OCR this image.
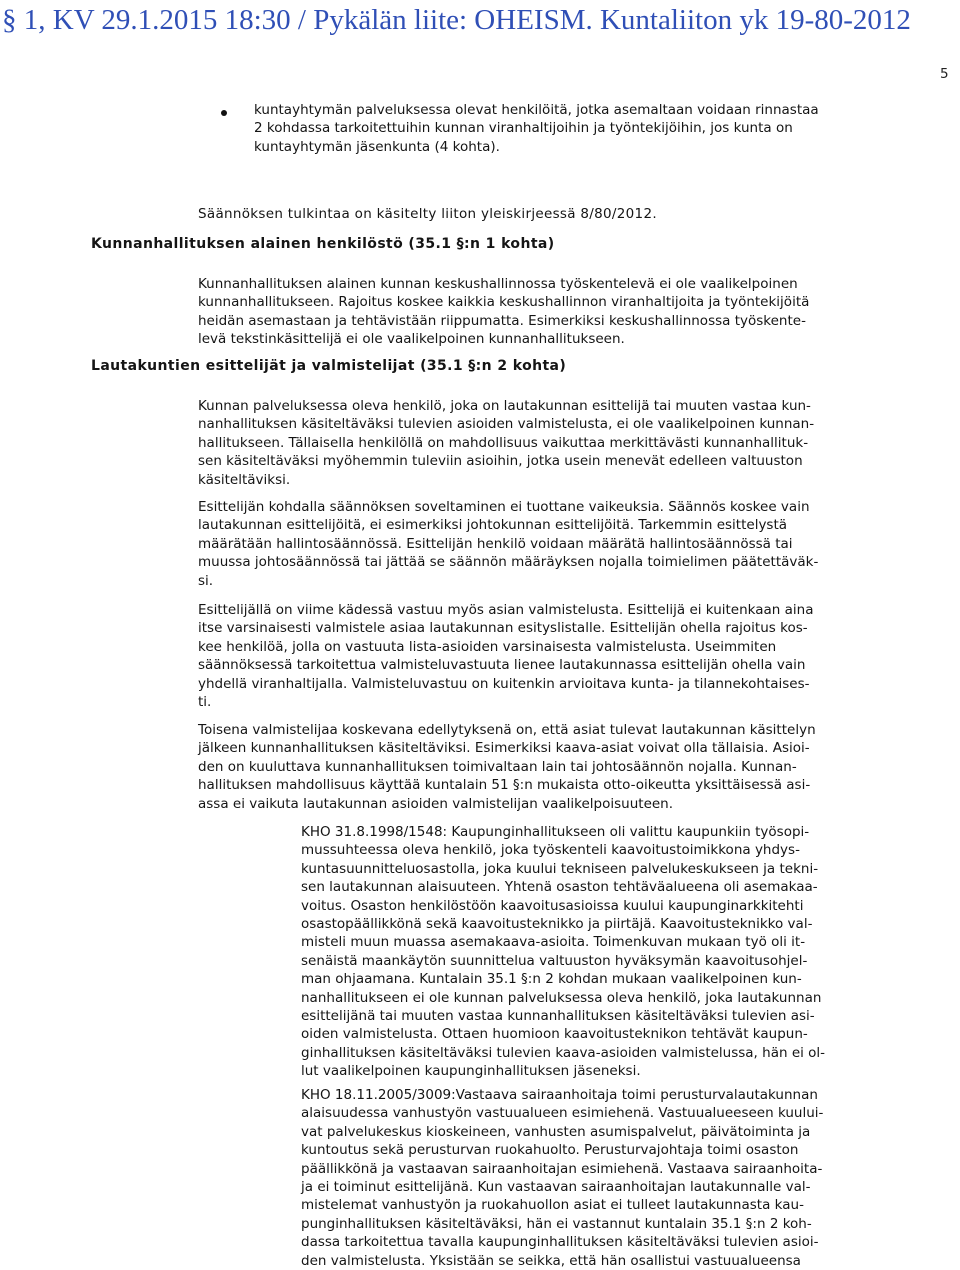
§ 1, KV 29.1.2015 18:30 / Pykälän liite: OHEISM. Kuntaliiton yk 19-80-2012
5

kuntayhtymän palveluksessa olevat henkilöitä, jotka asemaltaan voidaan rinnastaa
2 kohdassa tarkoitettuihin kunnan viranhaltijoihin ja työntekijöihin, jos kunta on
kuntayhtymän jäsenkunta (4 kohta).

Säännöksen tulkintaa on käsitelty liiton yleiskirjeessä 8/80/2012.

Kunnanhallituksen alainen henkilöstö (35.1 §:n 1 kohta)

Kunnanhallituksen alainen kunnan keskushallinnossa työskentelevä ei ole vaalikelpoinen
kunnanhallitukseen. Rajoitus koskee kaikkia keskushallinnon viranhaltijoita ja työntekijöitä
heidän asemastaan ja tehtävistään riippumatta. Esimerkiksi keskushallinnossa työskente-
levä tekstinkäsittelijä ei ole vaalikelpoinen kunnanhallitukseen.

Lautakuntien esittelijät ja valmistelijat (35.1 §:n 2 kohta)

Kunnan palveluksessa oleva henkilö, joka on lautakunnan esittelijä tai muuten vastaa kun-
nanhallituksen käsiteltäväksi tulevien asioiden valmistelusta, ei ole vaalikelpoinen kunnan-
hallitukseen. Tällaisella henkilöllä on mahdollisuus vaikuttaa merkittävästi kunnanhallituk-
sen käsiteltäväksi myöhemmin tuleviin asioihin, jotka usein menevät edelleen valtuuston
käsiteltäviksi.

Esittelijän kohdalla säännöksen soveltaminen ei tuottane vaikeuksia. Säännös koskee vain
lautakunnan esittelijöitä, ei esimerkiksi johtokunnan esittelijöitä. Tarkemmin esittelystä
määrätään hallintosäännössä. Esittelijän henkilö voidaan määrätä hallintosäännössä tai
muussa johtosäännössä tai jättää se säännön määräyksen nojalla toimielimen päätettäväk-
si.

Esittelijällä on viime kädessä vastuu myös asian valmistelusta. Esittelijä ei kuitenkaan aina
itse varsinaisesti valmistele asiaa lautakunnan esityslistalle. Esittelijän ohella rajoitus kos-
kee henkilöä, jolla on vastuuta lista-asioiden varsinaisesta valmistelusta. Useimmiten
säännöksessä tarkoitettua valmisteluvastuuta lienee lautakunnassa esittelijän ohella vain
yhdellä viranhaltijalla. Valmisteluvastuu on kuitenkin arvioitava kunta- ja tilannekohtaises-
ti.

Toisena valmistelijaa koskevana edellytyksenä on, että asiat tulevat lautakunnan käsittelyn
jälkeen kunnanhallituksen käsiteltäviksi. Esimerkiksi kaava-asiat voivat olla tällaisia. Asioi-
den on kuuluttava kunnanhallituksen toimivaltaan lain tai johtosäännön nojalla. Kunnan-
hallituksen mahdollisuus käyttää kuntalain 51 §:n mukaista otto-oikeutta yksittäisessä asi-
assa ei vaikuta lautakunnan asioiden valmistelijan vaalikelpoisuuteen.

KHO 31.8.1998/1548: Kaupunginhallitukseen oli valittu kaupunkiin työsopi-
mussuhteessa oleva henkilö, joka työskenteli kaavoitustoimikkona yhdys-
kuntasuunnitteluosastolla, joka kuului tekniseen palvelukeskukseen ja tekni-
sen lautakunnan alaisuuteen. Yhtenä osaston tehtäväalueena oli asemakaa-
voitus. Osaston henkilöstöön kaavoitusasioissa kuului kaupunginarkkitehti
osastopäällikkönä sekä kaavoitusteknikko ja piirtäjä. Kaavoitusteknikko val-
misteli muun muassa asemakaava-asioita. Toimenkuvan mukaan työ oli it-
senäistä maankäytön suunnittelua valtuuston hyväksymän kaavoitusohjel-
man ohjaamana. Kuntalain 35.1 §:n 2 kohdan mukaan vaalikelpoinen kun-
nanhallitukseen ei ole kunnan palveluksessa oleva henkilö, joka lautakunnan
esittelijänä tai muuten vastaa kunnanhallituksen käsiteltäväksi tulevien asi-
oiden valmistelusta. Ottaen huomioon kaavoitusteknikon tehtävät kaupun-
ginhallituksen käsiteltäväksi tulevien kaava-asioiden valmistelussa, hän ei ol-
lut vaalikelpoinen kaupunginhallituksen jäseneksi.

KHO 18.11.2005/3009:Vastaava sairaanhoitaja toimi perusturvalautakunnan
alaisuudessa vanhustyön vastuualueen esimiehenä. Vastuualueeseen kuului-
vat palvelukeskus kioskeineen, vanhusten asumispalvelut, päivätoiminta ja
kuntoutus sekä perusturvan ruokahuolto. Perusturvajohtaja toimi osaston
päällikkönä ja vastaavan sairaanhoitajan esimiehenä. Vastaava sairaanhoita-
ja ei toiminut esittelijänä. Kun vastaavan sairaanhoitajan lautakunnalle val-
mistelemat vanhustyön ja ruokahuollon asiat ei tulleet lautakunnasta kau-
punginhallituksen käsiteltäväksi, hän ei vastannut kuntalain 35.1 §:n 2 koh-
dassa tarkoitettua tavalla kaupunginhallituksen käsiteltäväksi tulevien asioi-
den valmistelusta. Yksistään se seikka, että hän osallistui vastuualueensa
